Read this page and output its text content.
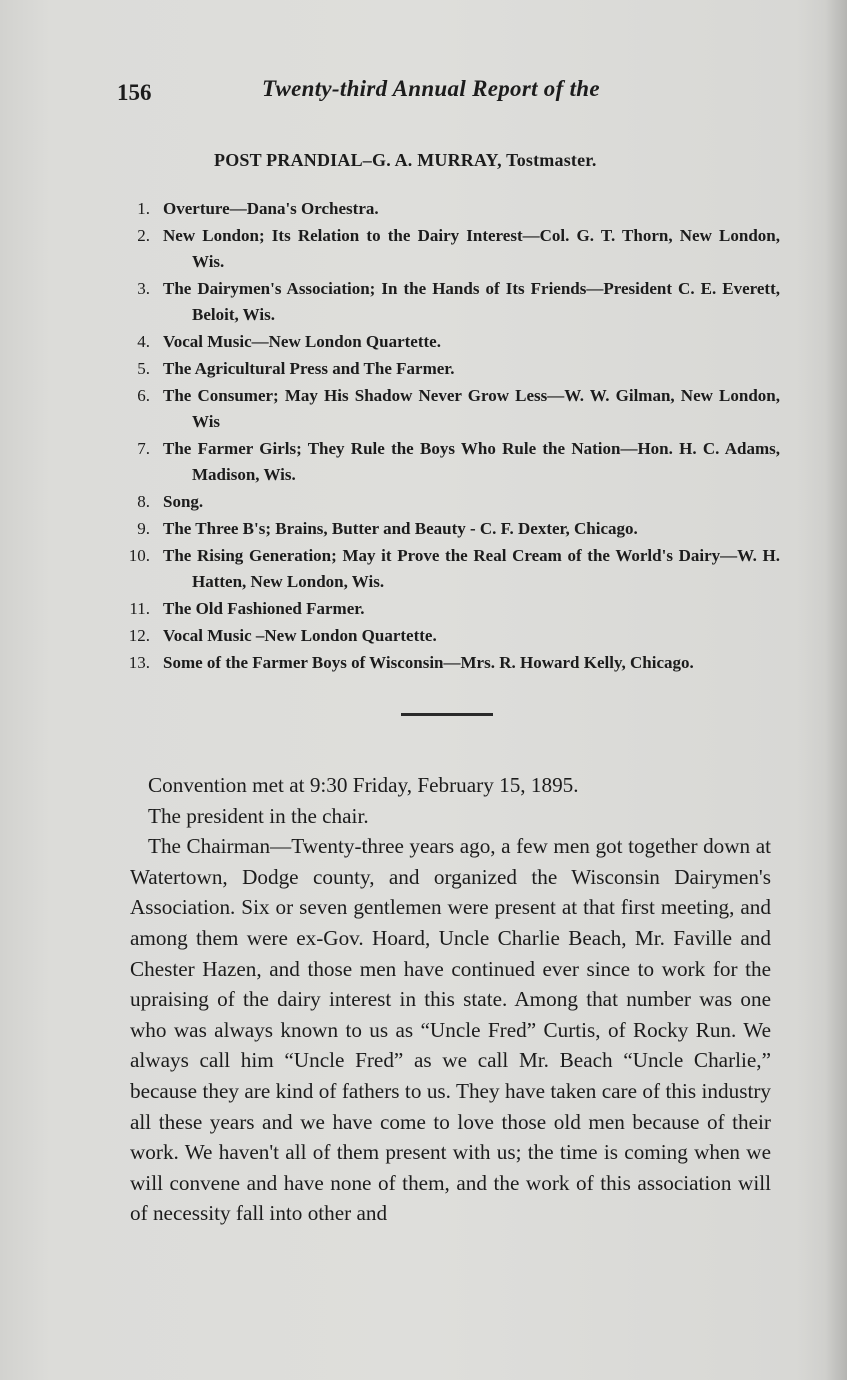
156	Twenty-third Annual Report of the
POST PRANDIAL–G. A. MURRAY, Tostmaster.
1. Overture—Dana's Orchestra.
2. New London; Its Relation to the Dairy Interest—Col. G. T. Thorn, New London, Wis.
3. The Dairymen's Association; In the Hands of Its Friends—President C. E. Everett, Beloit, Wis.
4. Vocal Music—New London Quartette.
5. The Agricultural Press and The Farmer.
6. The Consumer; May His Shadow Never Grow Less—W. W. Gilman, New London, Wis
7. The Farmer Girls; They Rule the Boys Who Rule the Nation—Hon. H. C. Adams, Madison, Wis.
8. Song.
9. The Three B's; Brains, Butter and Beauty - C. F. Dexter, Chicago.
10. The Rising Generation; May it Prove the Real Cream of the World's Dairy—W. H. Hatten, New London, Wis.
11. The Old Fashioned Farmer.
12. Vocal Music –New London Quartette.
13. Some of the Farmer Boys of Wisconsin—Mrs. R. Howard Kelly, Chicago.

Convention met at 9:30 Friday, February 15, 1895.

The president in the chair.

The Chairman—Twenty-three years ago, a few men got together down at Watertown, Dodge county, and organized the Wisconsin Dairymen's Association. Six or seven gentlemen were present at that first meeting, and among them were ex-Gov. Hoard, Uncle Charlie Beach, Mr. Faville and Chester Hazen, and those men have continued ever since to work for the upraising of the dairy interest in this state. Among that number was one who was always known to us as “Uncle Fred” Curtis, of Rocky Run. We always call him “Uncle Fred” as we call Mr. Beach “Uncle Charlie,” because they are kind of fathers to us. They have taken care of this industry all these years and we have come to love those old men because of their work. We haven't all of them present with us; the time is coming when we will convene and have none of them, and the work of this association will of necessity fall into other and
